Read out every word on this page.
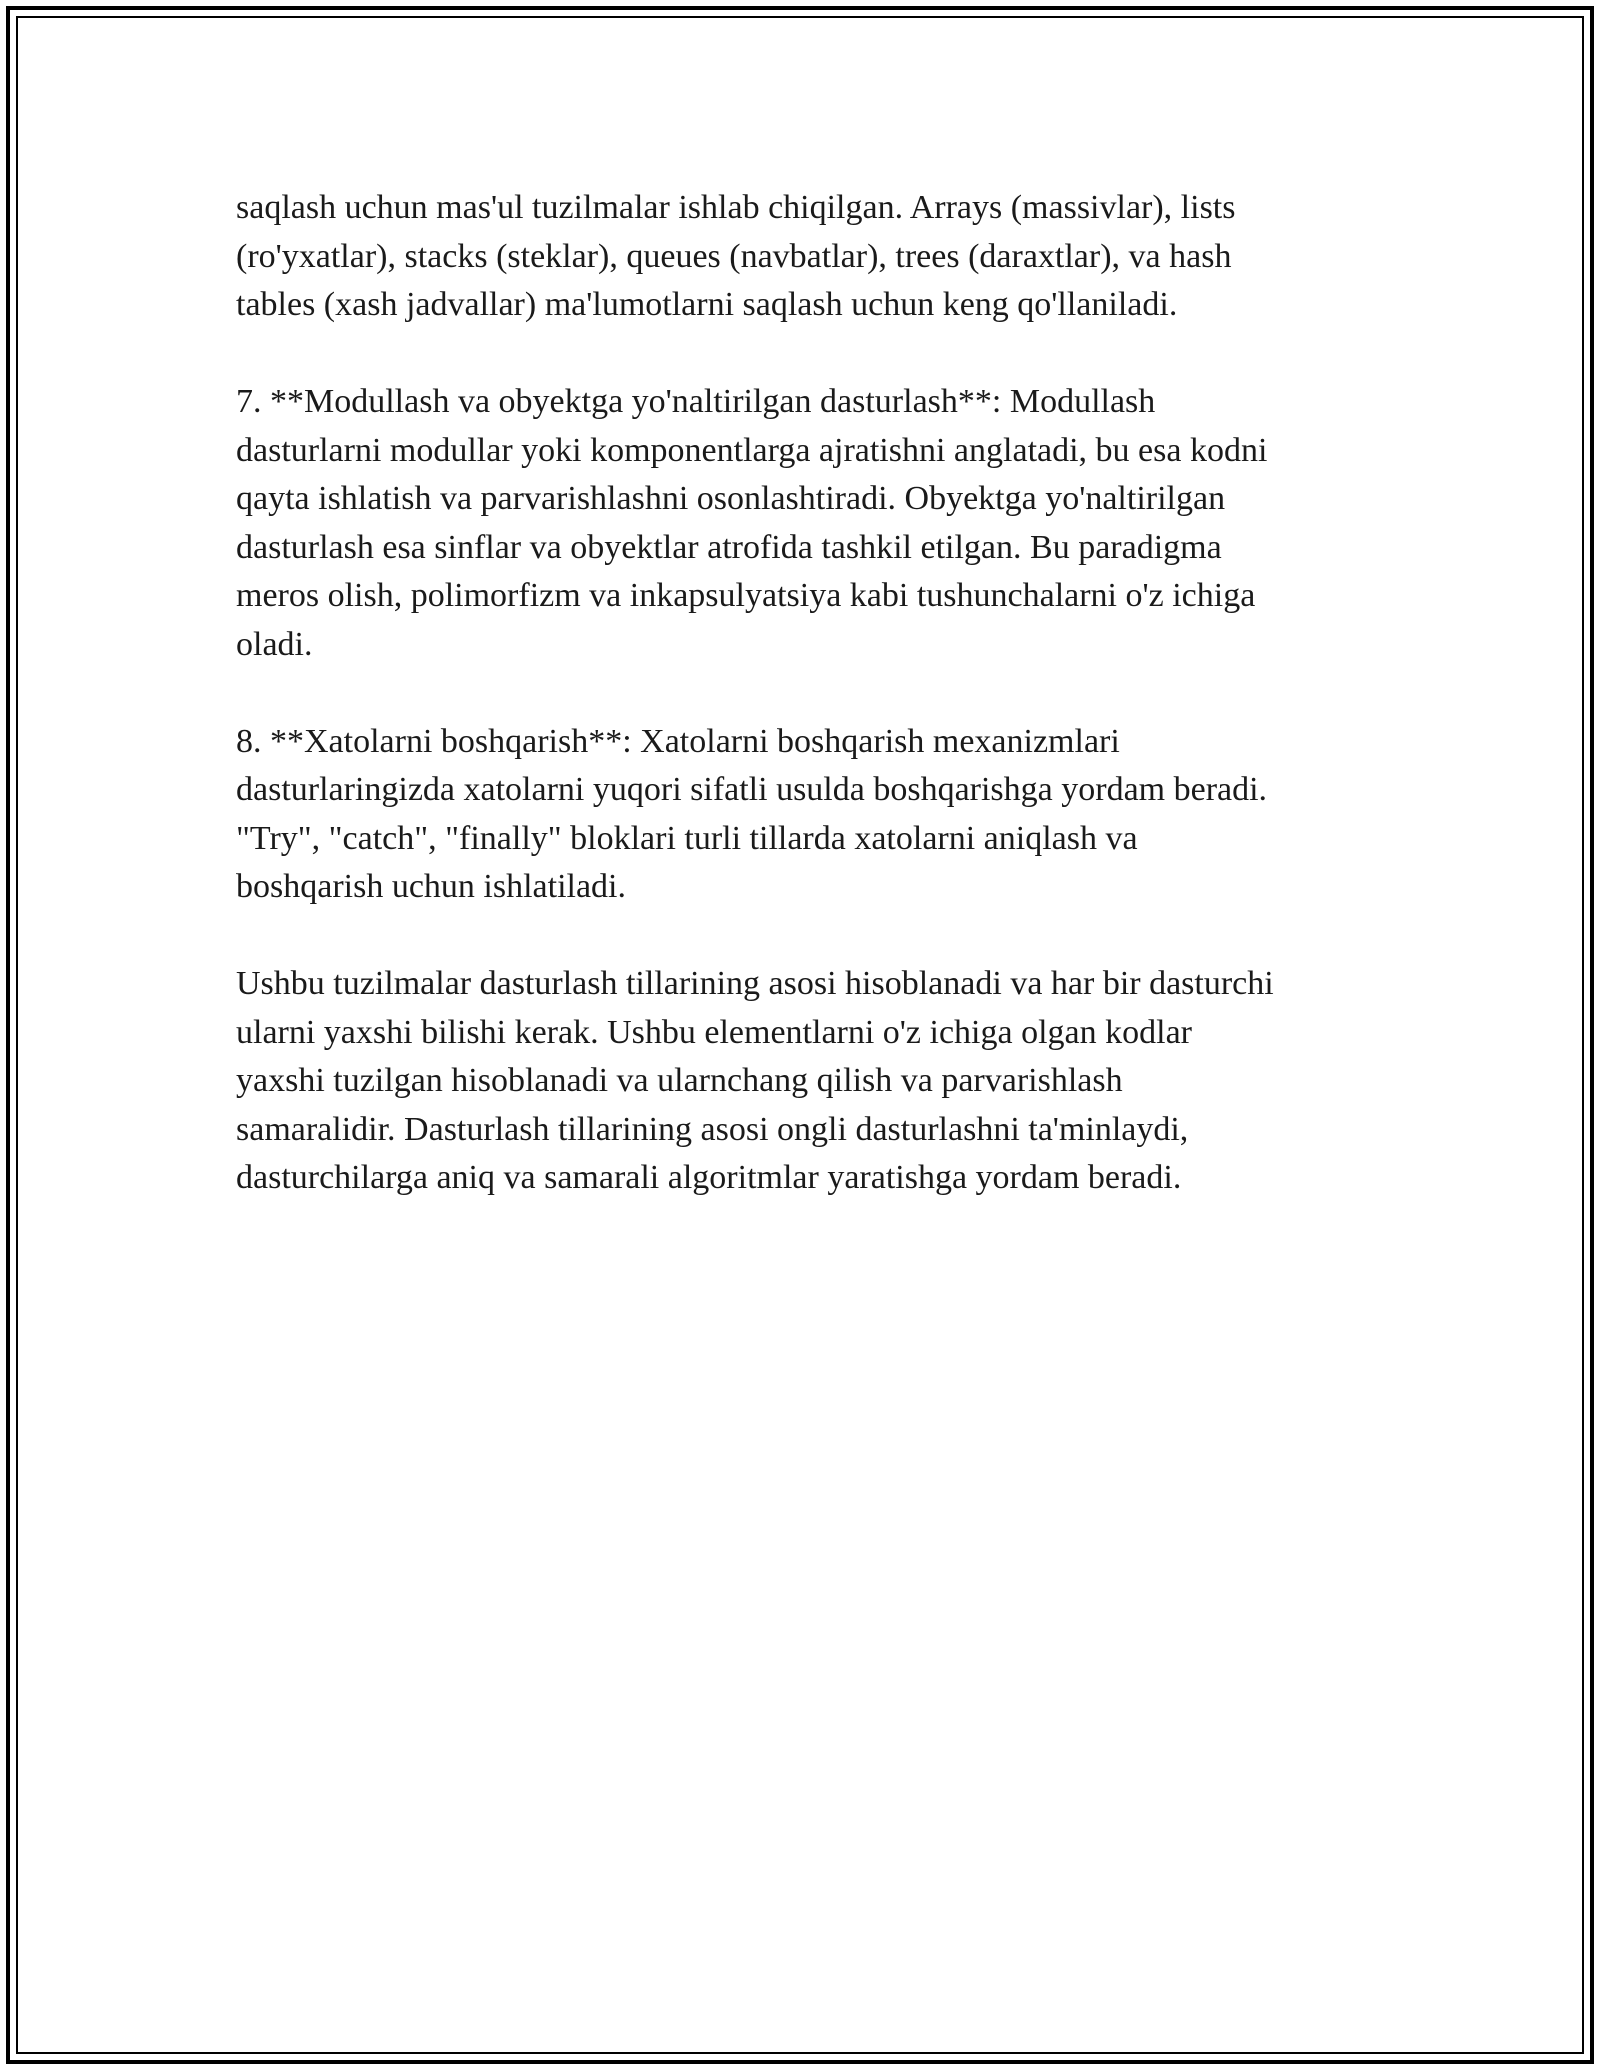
saqlash uchun mas'ul tuzilmalar ishlab chiqilgan. Arrays (massivlar), lists
(ro'yxatlar), stacks (steklar), queues (navbatlar), trees (daraxtlar), va hash
tables (xash jadvallar) ma'lumotlarni saqlash uchun keng qo'llaniladi.

7. **Modullash va obyektga yo'naltirilgan dasturlash**: Modullash
dasturlarni modullar yoki komponentlarga ajratishni anglatadi, bu esa kodni
qayta ishlatish va parvarishlashni osonlashtiradi. Obyektga yo'naltirilgan
dasturlash esa sinflar va obyektlar atrofida tashkil etilgan. Bu paradigma
meros olish, polimorfizm va inkapsulyatsiya kabi tushunchalarni o'z ichiga
oladi.

8. **Xatolarni boshqarish**: Xatolarni boshqarish mexanizmlari
dasturlaringizda xatolarni yuqori sifatli usulda boshqarishga yordam beradi.
"Try", "catch", "finally" bloklari turli tillarda xatolarni aniqlash va
boshqarish uchun ishlatiladi.

Ushbu tuzilmalar dasturlash tillarining asosi hisoblanadi va har bir dasturchi
ularni yaxshi bilishi kerak. Ushbu elementlarni o'z ichiga olgan kodlar
yaxshi tuzilgan hisoblanadi va ularnchang qilish va parvarishlash
samaralidir. Dasturlash tillarining asosi ongli dasturlashni ta'minlaydi,
dasturchilarga aniq va samarali algoritmlar yaratishga yordam beradi.
